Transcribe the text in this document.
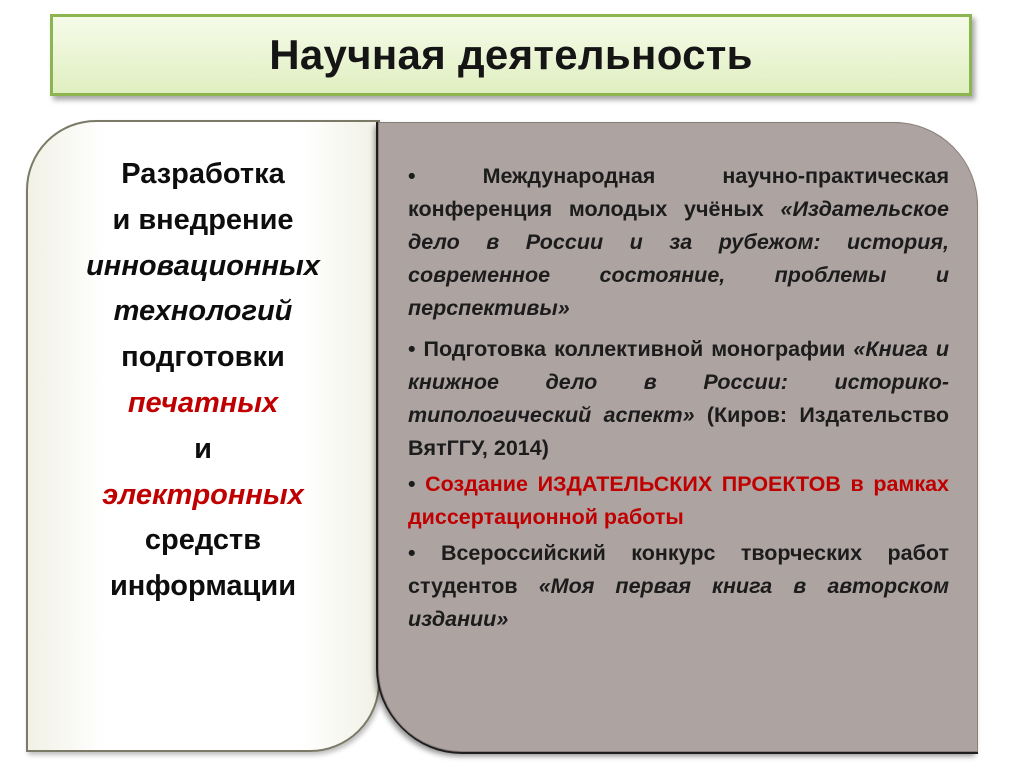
Научная деятельность
Разработка
и внедрение
инновационных
технологий
подготовки
печатных
и
электронных
средств
информации

• Международная научно-практическая конференция молодых учёных «Издательское дело в России и за рубежом: история, современное состояние, проблемы и перспективы»

• Подготовка коллективной монографии «Книга и книжное дело в России: историко-типологический аспект» (Киров: Издательство ВятГГУ, 2014)

• Создание ИЗДАТЕЛЬСКИХ ПРОЕКТОВ в рамках диссертационной работы

• Всероссийский конкурс творческих работ студентов «Моя первая книга в авторском издании»
